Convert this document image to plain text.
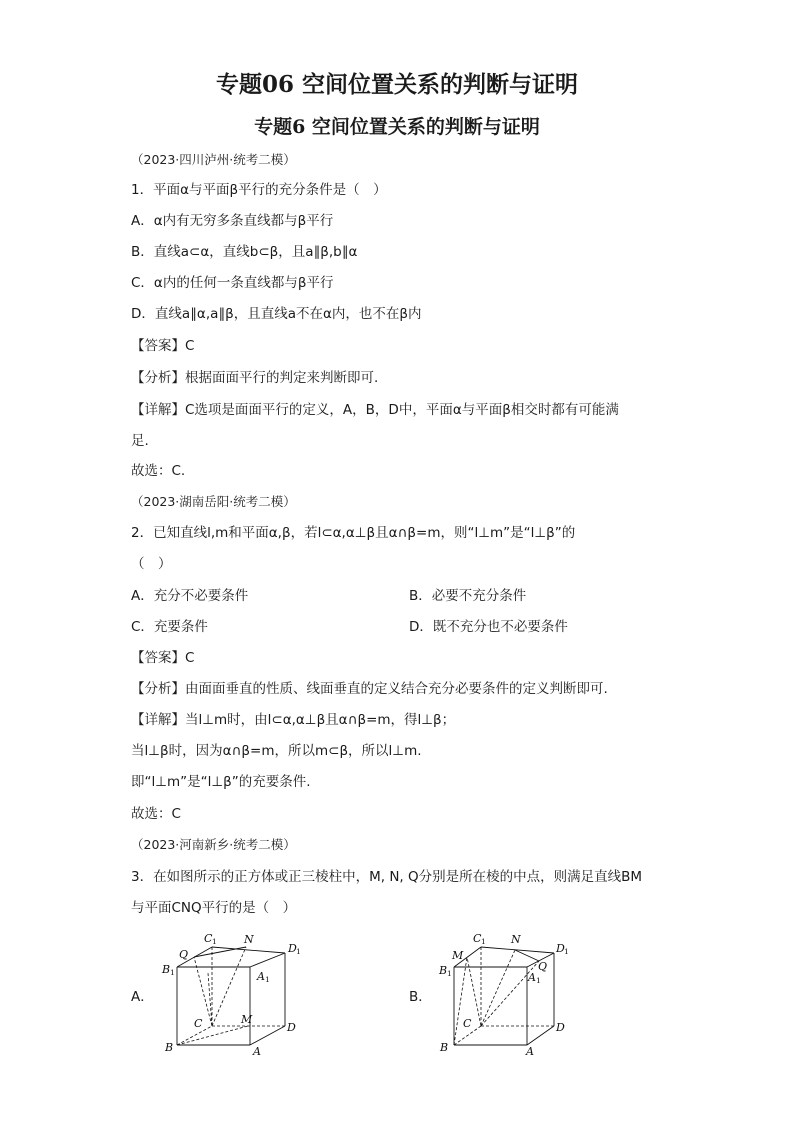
专题06 空间位置关系的判断与证明
专题6 空间位置关系的判断与证明
（2023·四川泸州·统考二模）
1．平面α与平面β平行的充分条件是（　）
A．α内有无穷多条直线都与β平行
B．直线a⊂α，直线b⊂β，且a∥β,b∥α
C．α内的任何一条直线都与β平行
D．直线a∥α,a∥β，且直线a不在α内，也不在β内
【答案】C
【分析】根据面面平行的判定来判断即可.
【详解】C选项是面面平行的定义，A，B，D中，平面α与平面β相交时都有可能满
足.
故选：C.
（2023·湖南岳阳·统考二模）
2．已知直线l,m和平面α,β，若l⊂α,α⊥β且α∩β=m，则“l⊥m”是“l⊥β”的
（　）
A．充分不必要条件	B．必要不充分条件
C．充要条件	D．既不充分也不必要条件
【答案】C
【分析】由面面垂直的性质、线面垂直的定义结合充分必要条件的定义判断即可.
【详解】当l⊥m时，由l⊂α,α⊥β且α∩β=m，得l⊥β；
当l⊥β时，因为α∩β=m，所以m⊂β，所以l⊥m.
即“l⊥m”是“l⊥β”的充要条件.
故选：C
（2023·河南新乡·统考二模）
3．在如图所示的正方体或正三棱柱中，M, N, Q分别是所在棱的中点，则满足直线BM
与平面CNQ平行的是（　）
A．	B．
C 1 N
D 1
Q
B 1	A 1
M
C	D
B	A
C 1 N
D 1
M
B 1
Q
A 1
C	D
B	A
